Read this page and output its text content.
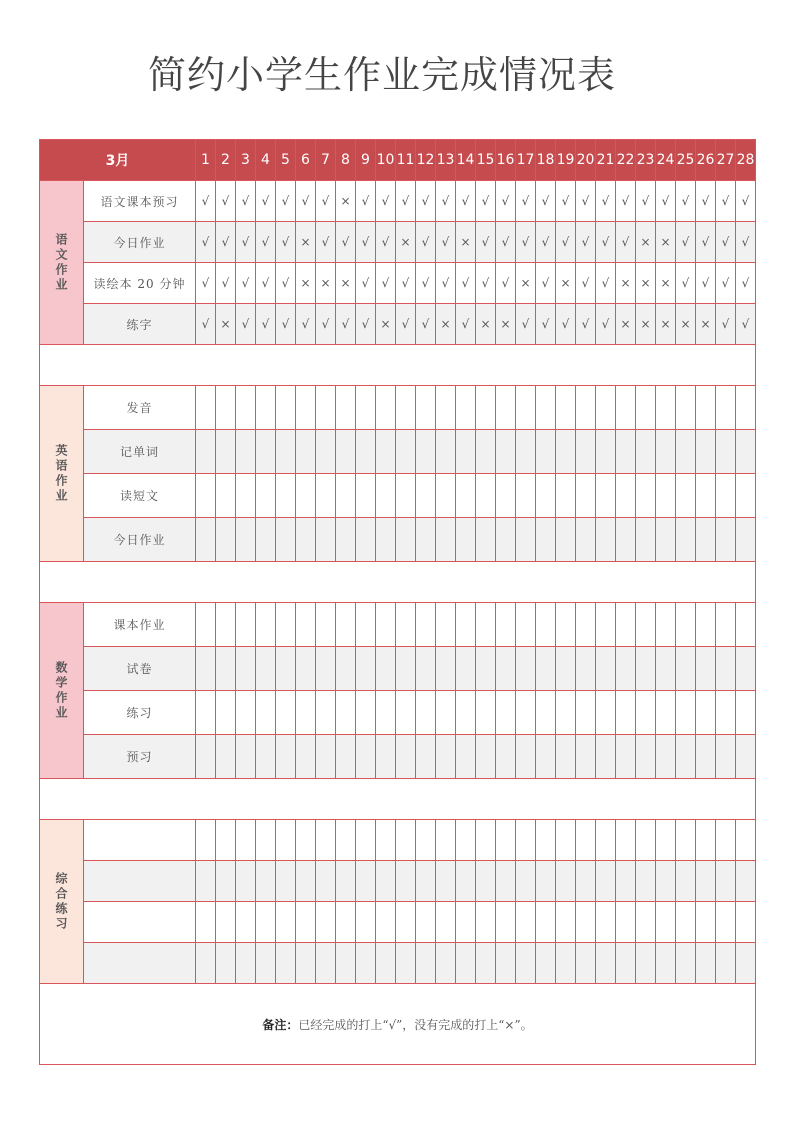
简约小学生作业完成情况表
3月		1	2	3	4	5	6	7	8	9	10	11	12	13	14	15	16	17	18	19	20	21	22	23	24	25	26	27	28
语文作业	语文课本预习	√	√	√	√	√	√	√	×	√	√	√	√	√	√	√	√	√	√	√	√	√	√	√	√	√	√	√	√
	今日作业	√	√	√	√	√	×	√	√	√	√	×	√	√	×	√	√	√	√	√	√	√	√	×	×	√	√	√	√
	读绘本 20 分钟	√	√	√	√	√	×	×	×	√	√	√	√	√	√	√	√	×	√	×	√	√	×	×	×	√	√	√	√
	练字	√	×	√	√	√	√	√	√	√	×	√	√	×	√	×	×	√	√	√	√	√	×	×	×	×	×	√	√

英语作业	发音																												
	记单词																												
	读短文																												
	今日作业																												

数学作业	课本作业																												
	试卷																												
	练习																												
	预习																												

综合练习																													

备注：已经完成的打上“√”，没有完成的打上“×”。																													
